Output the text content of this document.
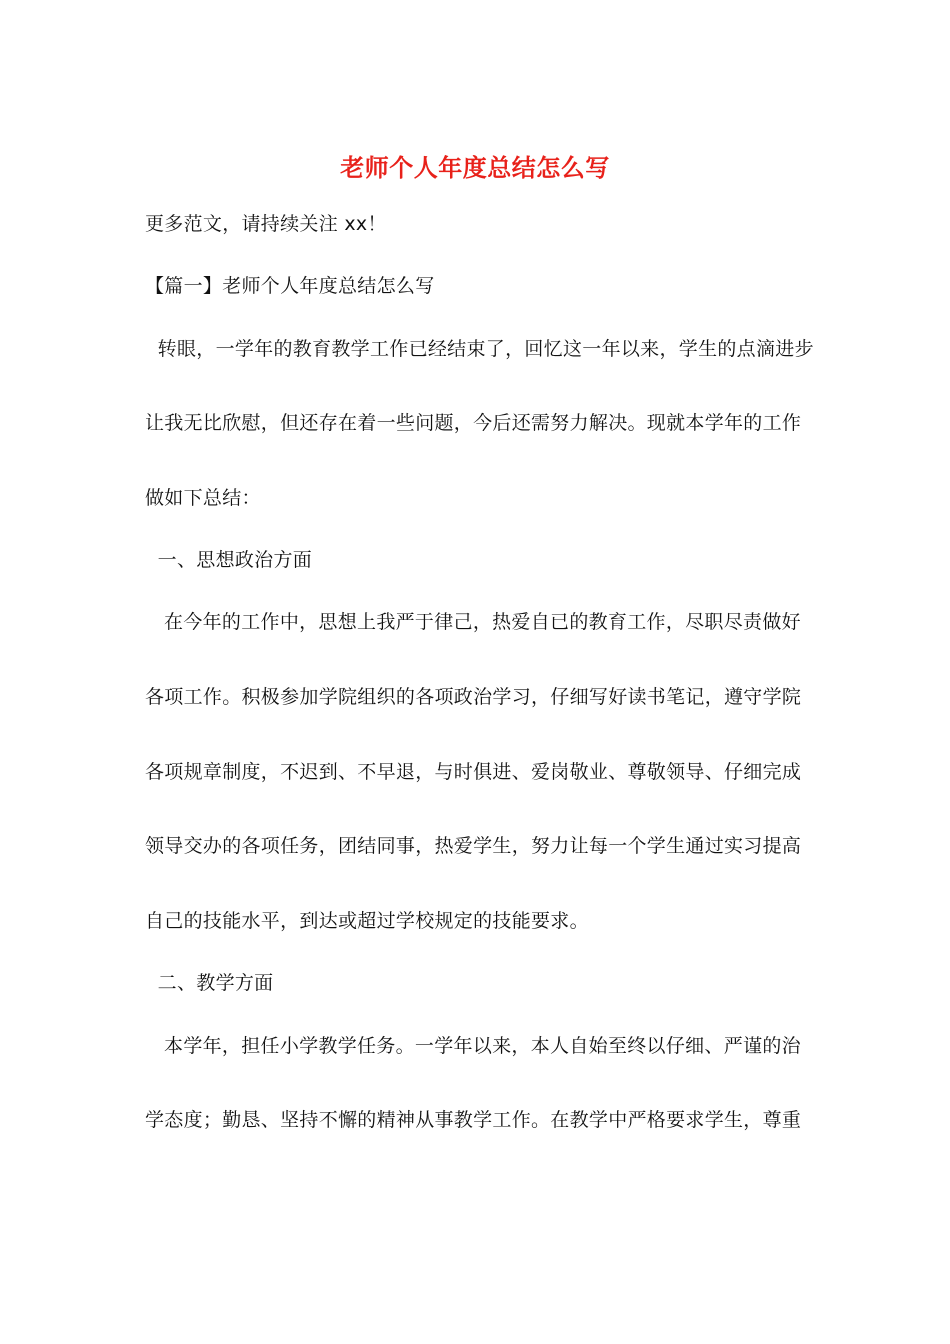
老师个人年度总结怎么写
更多范文，请持续关注 xx！
【篇一】老师个人年度总结怎么写
转眼，一学年的教育教学工作已经结束了，回忆这一年以来，学生的点滴进步
让我无比欣慰，但还存在着一些问题，今后还需努力解决。现就本学年的工作
做如下总结：
一、思想政治方面
在今年的工作中，思想上我严于律己，热爱自已的教育工作，尽职尽责做好
各项工作。积极参加学院组织的各项政治学习，仔细写好读书笔记，遵守学院
各项规章制度，不迟到、不早退，与时俱进、爱岗敬业、尊敬领导、仔细完成
领导交办的各项任务，团结同事，热爱学生，努力让每一个学生通过实习提高
自己的技能水平，到达或超过学校规定的技能要求。
二、教学方面
本学年，担任小学教学任务。一学年以来，本人自始至终以仔细、严谨的治
学态度；勤恳、坚持不懈的精神从事教学工作。在教学中严格要求学生，尊重
